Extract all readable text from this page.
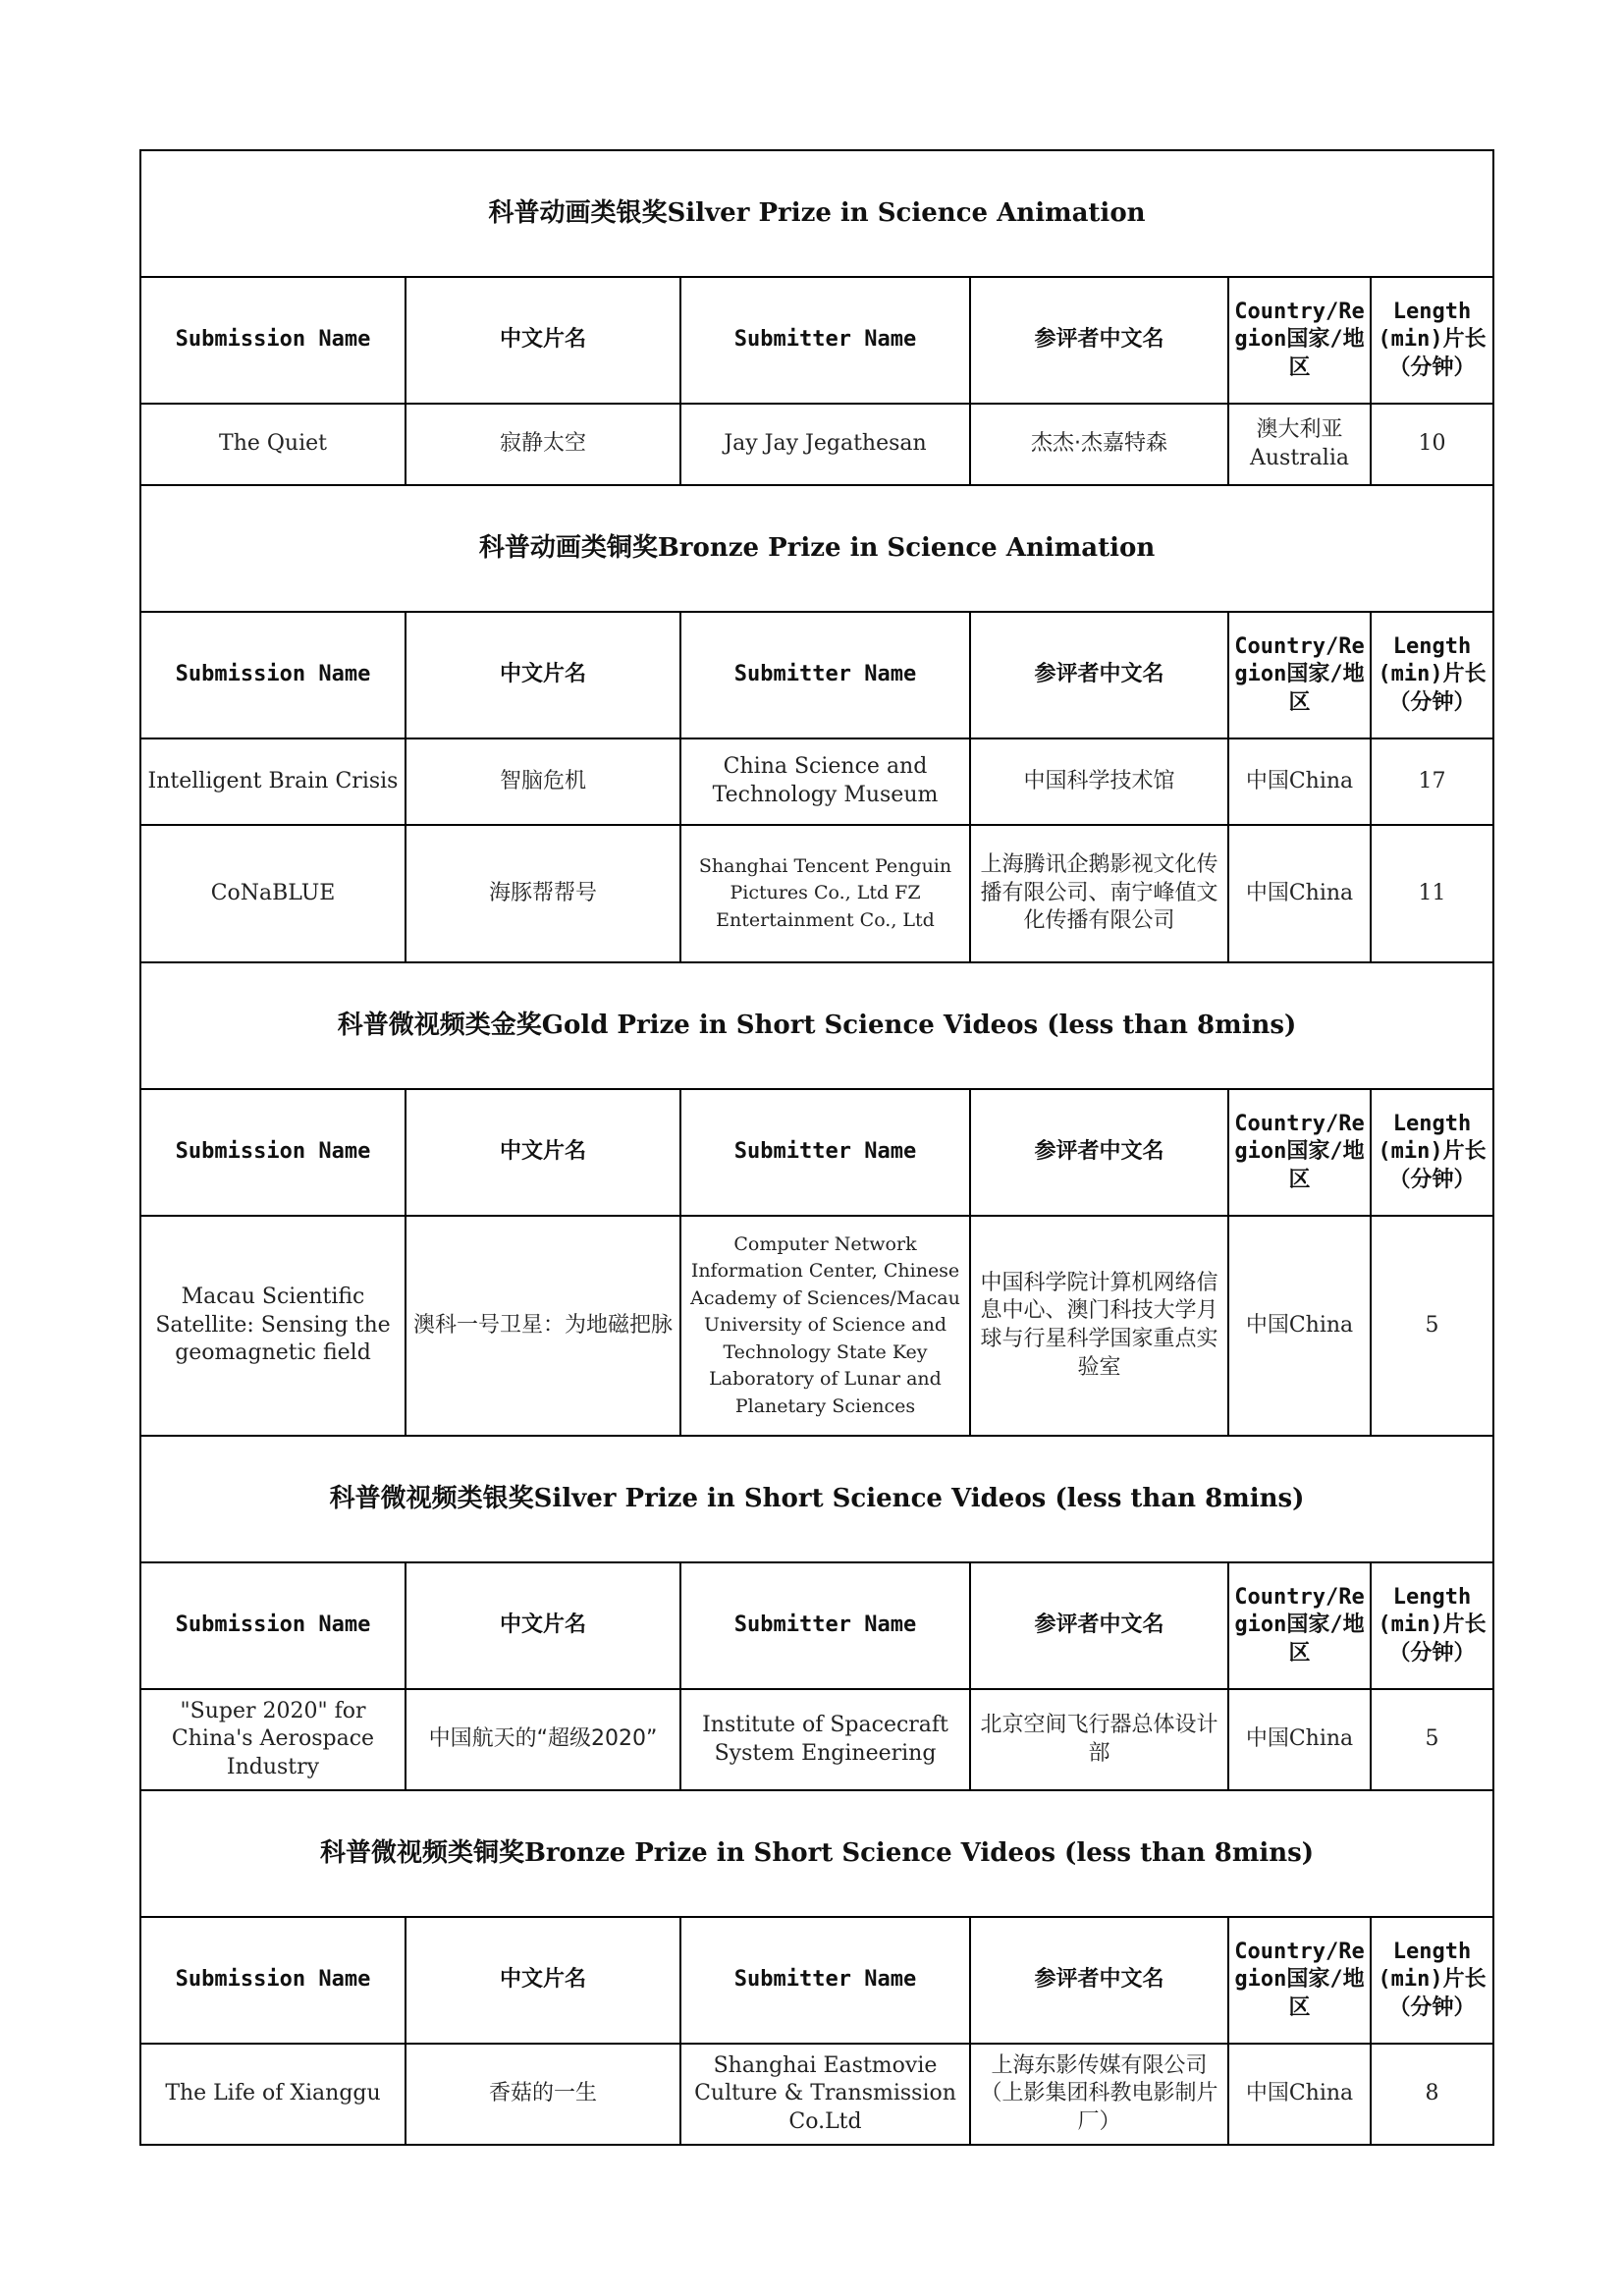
科普动画类银奖Silver Prize in Science Animation					
Submission Name	中文片名	Submitter Name	参评者中文名	Country/Region国家/地区	Length (min)片长（分钟）
The Quiet	寂静太空	Jay Jay Jegathesan	杰杰·杰嘉特森	澳大利亚 Australia	10
科普动画类铜奖Bronze Prize in Science Animation					
Submission Name	中文片名	Submitter Name	参评者中文名	Country/Region国家/地区	Length (min)片长（分钟）
Intelligent Brain Crisis	智脑危机	China Science and Technology Museum	中国科学技术馆	中国China	17
CoNaBLUE	海豚帮帮号	Shanghai Tencent Penguin Pictures Co., Ltd FZ Entertainment Co., Ltd	上海腾讯企鹅影视文化传播有限公司、南宁峰值文化传播有限公司	中国China	11
科普微视频类金奖Gold Prize in Short Science Videos (less than 8mins)					
Submission Name	中文片名	Submitter Name	参评者中文名	Country/Region国家/地区	Length (min)片长（分钟）
Macau Scientific Satellite: Sensing the geomagnetic field	澳科一号卫星：为地磁把脉	Computer Network Information Center, Chinese Academy of Sciences/Macau University of Science and Technology State Key Laboratory of Lunar and Planetary Sciences	中国科学院计算机网络信息中心、澳门科技大学月球与行星科学国家重点实验室	中国China	5
科普微视频类银奖Silver Prize in Short Science Videos (less than 8mins)					
Submission Name	中文片名	Submitter Name	参评者中文名	Country/Region国家/地区	Length (min)片长（分钟）
"Super 2020" for China's Aerospace Industry	中国航天的“超级2020”	Institute of Spacecraft System Engineering	北京空间飞行器总体设计部	中国China	5
科普微视频类铜奖Bronze Prize in Short Science Videos (less than 8mins)					
Submission Name	中文片名	Submitter Name	参评者中文名	Country/Region国家/地区	Length (min)片长（分钟）
The Life of Xianggu	香菇的一生	Shanghai Eastmovie Culture & Transmission Co.Ltd	上海东影传媒有限公司（上影集团科教电影制片厂）	中国China	8
